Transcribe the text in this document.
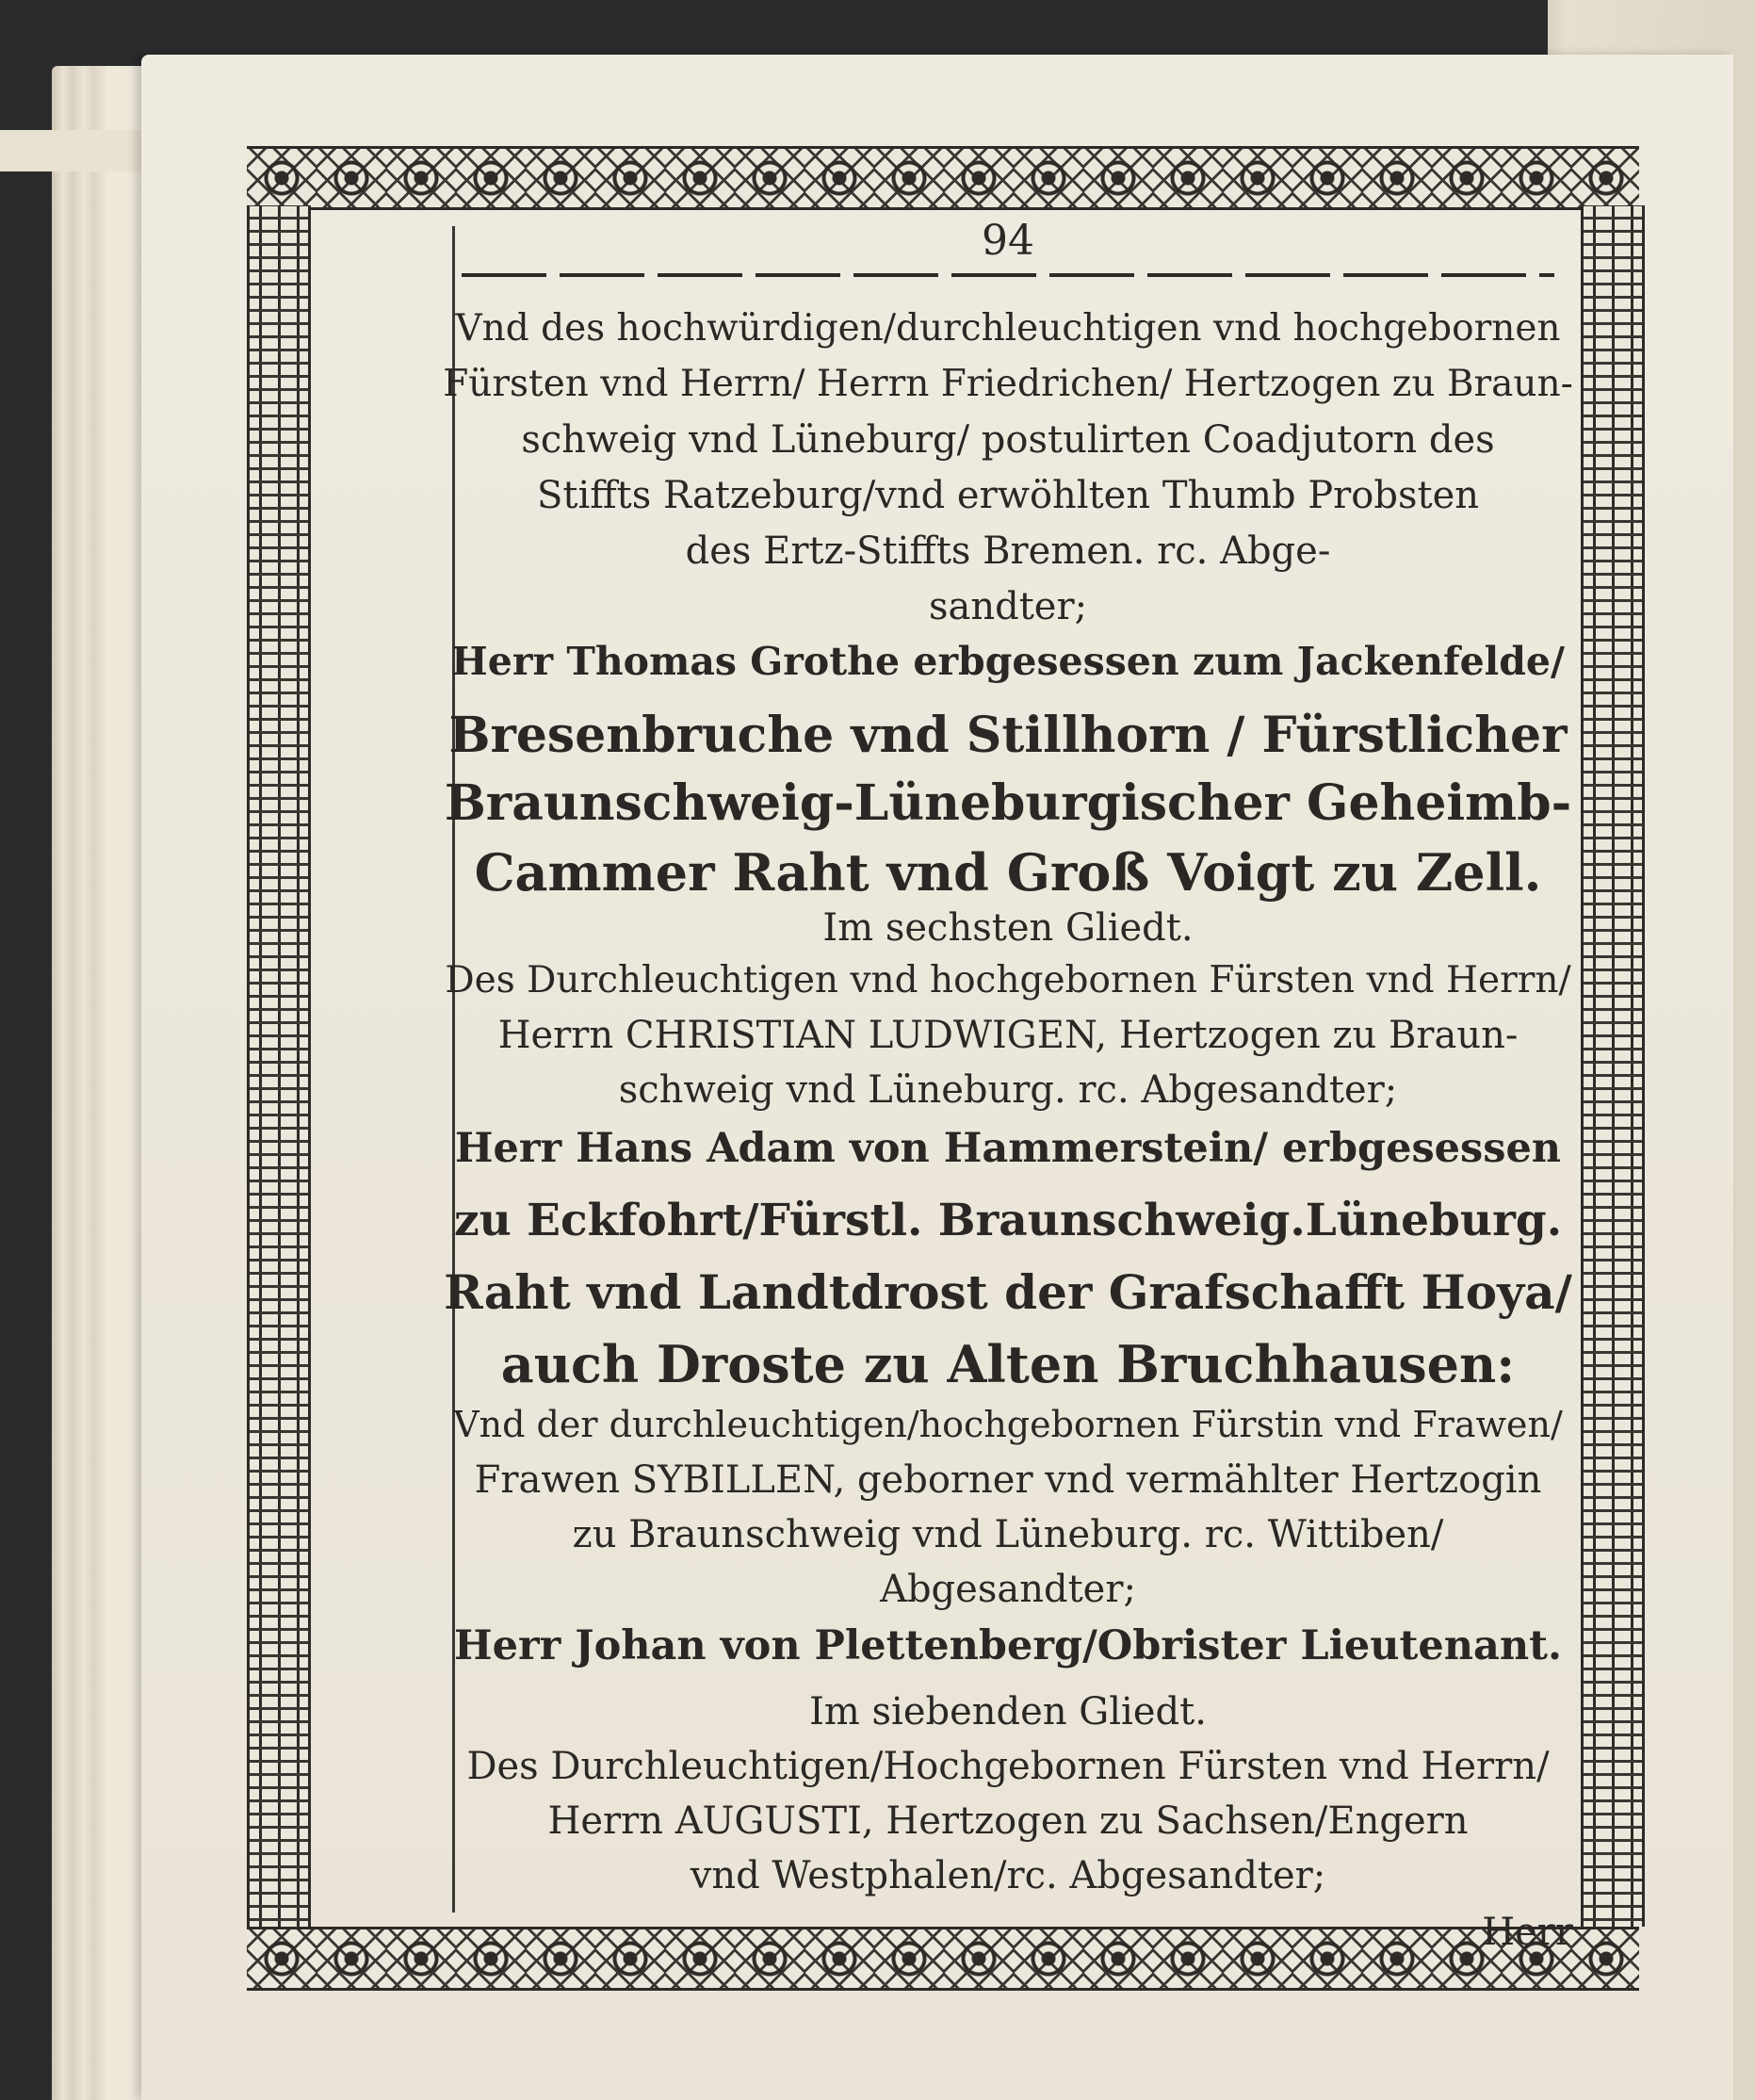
94
Vnd des hochwürdigen/durchleuchtigen vnd hochgebornen
Fürsten vnd Herrn/ Herrn Friedrichen/ Hertzogen zu Braun-
schweig vnd Lüneburg/ postulirten Coadjutorn des
Stiffts Ratzeburg/vnd erwöhlten Thumb Probsten
des Ertz-Stiffts Bremen. rc. Abge-
sandter;
Herr Thomas Grothe erbgesessen zum Jackenfelde/
Bresenbruche vnd Stillhorn / Fürstlicher
Braunschweig-Lüneburgischer Geheimb-
Cammer Raht vnd Groß Voigt zu Zell.
Im sechsten Gliedt.
Des Durchleuchtigen vnd hochgebornen Fürsten vnd Herrn/
Herrn CHRISTIAN LUDWIGEN, Hertzogen zu Braun-
schweig vnd Lüneburg. rc. Abgesandter;
Herr Hans Adam von Hammerstein/ erbgesessen
zu Eckfohrt/Fürstl. Braunschweig.Lüneburg.
Raht vnd Landtdrost der Grafschafft Hoya/
auch Droste zu Alten Bruchhausen:
Vnd der durchleuchtigen/hochgebornen Fürstin vnd Frawen/
Frawen SYBILLEN, geborner vnd vermählter Hertzogin
zu Braunschweig vnd Lüneburg. rc. Wittiben/
Abgesandter;
Herr Johan von Plettenberg/Obrister Lieutenant.
Im siebenden Gliedt.
Des Durchleuchtigen/Hochgebornen Fürsten vnd Herrn/
Herrn AUGUSTI, Hertzogen zu Sachsen/Engern
vnd Westphalen/rc. Abgesandter;
Herr
